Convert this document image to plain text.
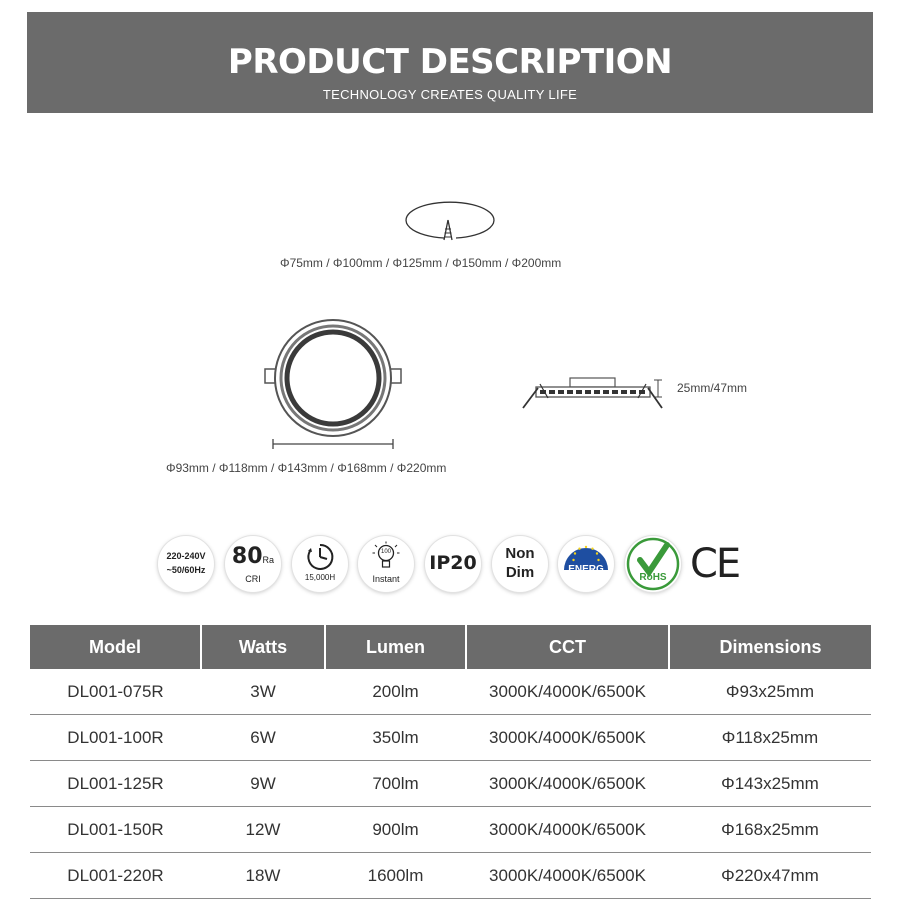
PRODUCT DESCRIPTION
TECHNOLOGY CREATES QUALITY LIFE
Φ75mm / Φ100mm / Φ125mm / Φ150mm / Φ200mm
Φ93mm / Φ118mm / Φ143mm / Φ168mm / Φ220mm
25mm/47mm
220-240V
~50/60Hz
80Ra
CRI	15,000H
100
Instant
IP20	Non
Dim	ENERG
RoHS CE
Model	Watts	Lumen	CCT	Dimensions
DL001-075R	3W	200lm	3000K/4000K/6500K	Φ93x25mm
DL001-100R	6W	350lm	3000K/4000K/6500K	Φ118x25mm
DL001-125R	9W	700lm	3000K/4000K/6500K	Φ143x25mm
DL001-150R	12W	900lm	3000K/4000K/6500K	Φ168x25mm
DL001-220R	18W	1600lm	3000K/4000K/6500K	Φ220x47mm
